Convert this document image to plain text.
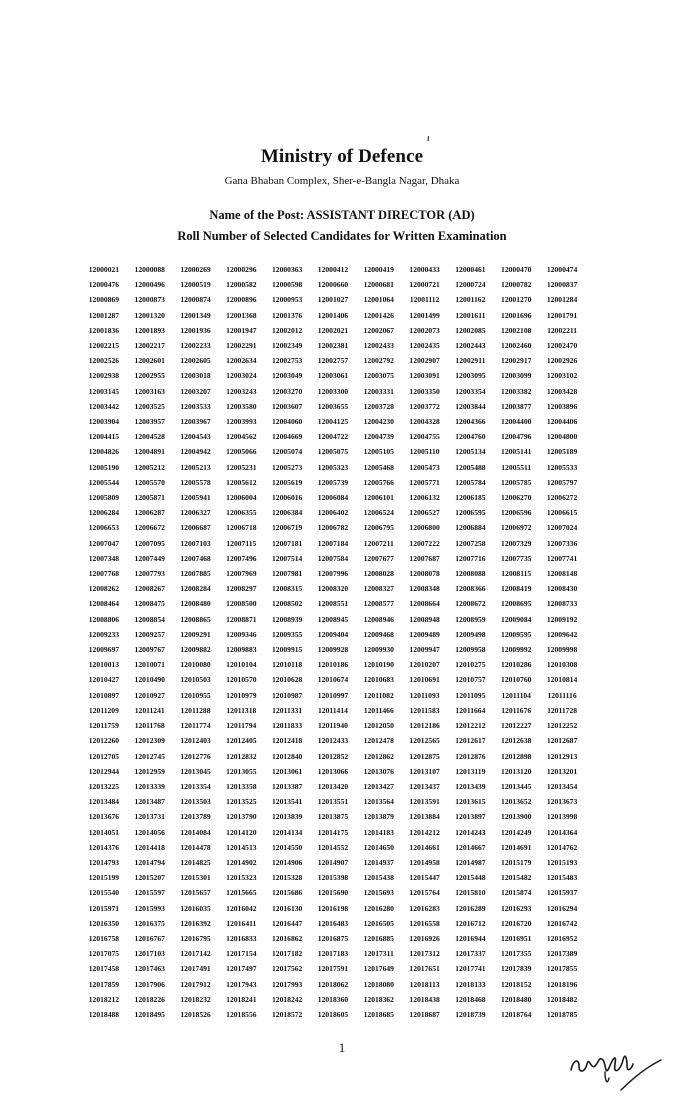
Ministry of Defence
Gana Bhaban Complex, Sher-e-Bangla Nagar, Dhaka
Name of the Post: ASSISTANT DIRECTOR (AD)
Roll Number of Selected Candidates for Written Examination
12000021	12000088	12000269	12000296	12000363	12000412	12000419	12000433	12000461	12000470	12000474
12000476	12000496	12000519	12000582	12000598	12000660	12000681	12000721	12000724	12000782	12000837
12000869	12000873	12000874	12000896	12000953	12001027	12001064	12001112	12001162	12001270	12001284
12001287	12001320	12001349	12001368	12001376	12001406	12001426	12001499	12001611	12001696	12001791
12001836	12001893	12001936	12001947	12002012	12002021	12002067	12002073	12002085	12002108	12002211
12002215	12002217	12002233	12002291	12002349	12002381	12002433	12002435	12002443	12002460	12002470
12002526	12002601	12002605	12002634	12002753	12002757	12002792	12002907	12002911	12002917	12002926
12002938	12002955	12003018	12003024	12003049	12003061	12003075	12003091	12003095	12003099	12003102
12003145	12003163	12003207	12003243	12003270	12003300	12003331	12003350	12003354	12003382	12003428
12003442	12003525	12003533	12003580	12003607	12003655	12003728	12003772	12003844	12003877	12003896
12003904	12003957	12003967	12003993	12004060	12004125	12004230	12004328	12004366	12004400	12004406
12004415	12004528	12004543	12004562	12004669	12004722	12004739	12004755	12004760	12004796	12004800
12004826	12004891	12004942	12005066	12005074	12005075	12005105	12005110	12005134	12005141	12005189
12005190	12005212	12005213	12005231	12005273	12005323	12005468	12005473	12005488	12005511	12005533
12005544	12005570	12005578	12005612	12005619	12005739	12005766	12005771	12005784	12005785	12005797
12005809	12005871	12005941	12006004	12006016	12006084	12006101	12006132	12006185	12006270	12006272
12006284	12006287	12006327	12006355	12006384	12006402	12006524	12006527	12006595	12006596	12006615
12006653	12006672	12006687	12006718	12006719	12006782	12006795	12006800	12006884	12006972	12007024
12007047	12007095	12007103	12007115	12007181	12007184	12007211	12007222	12007258	12007329	12007336
12007348	12007449	12007468	12007496	12007514	12007584	12007677	12007687	12007716	12007735	12007741
12007768	12007793	12007885	12007969	12007981	12007996	12008028	12008078	12008088	12008115	12008148
12008262	12008267	12008284	12008297	12008315	12008320	12008327	12008348	12008366	12008419	12008430
12008464	12008475	12008480	12008500	12008502	12008551	12008577	12008664	12008672	12008695	12008733
12008806	12008854	12008865	12008871	12008939	12008945	12008946	12008948	12008959	12009084	12009192
12009233	12009257	12009291	12009346	12009355	12009404	12009468	12009489	12009498	12009595	12009642
12009697	12009767	12009882	12009883	12009915	12009928	12009930	12009947	12009958	12009992	12009998
12010013	12010071	12010080	12010104	12010118	12010186	12010190	12010207	12010275	12010286	12010308
12010427	12010490	12010503	12010570	12010628	12010674	12010683	12010691	12010757	12010760	12010814
12010897	12010927	12010955	12010979	12010987	12010997	12011082	12011093	12011095	12011104	12011116
12011209	12011241	12011288	12011318	12011331	12011414	12011466	12011583	12011664	12011676	12011728
12011759	12011768	12011774	12011794	12011833	12011940	12012050	12012186	12012212	12012227	12012252
12012260	12012309	12012403	12012405	12012418	12012433	12012478	12012565	12012617	12012638	12012687
12012705	12012745	12012776	12012832	12012840	12012852	12012862	12012875	12012876	12012898	12012913
12012944	12012959	12013045	12013055	12013061	12013066	12013076	12013107	12013119	12013120	12013201
12013225	12013339	12013354	12013358	12013387	12013420	12013427	12013437	12013439	12013445	12013454
12013484	12013487	12013503	12013525	12013541	12013551	12013564	12013591	12013615	12013652	12013673
12013676	12013731	12013789	12013790	12013839	12013875	12013879	12013884	12013897	12013900	12013998
12014051	12014056	12014084	12014120	12014134	12014175	12014183	12014212	12014243	12014249	12014364
12014376	12014418	12014478	12014513	12014550	12014552	12014650	12014661	12014667	12014691	12014762
12014793	12014794	12014825	12014902	12014906	12014907	12014937	12014958	12014987	12015179	12015193
12015199	12015207	12015301	12015323	12015328	12015398	12015438	12015447	12015448	12015482	12015483
12015540	12015597	12015657	12015665	12015686	12015690	12015693	12015764	12015810	12015874	12015937
12015971	12015993	12016035	12016042	12016130	12016198	12016280	12016283	12016289	12016293	12016294
12016350	12016375	12016392	12016411	12016447	12016483	12016505	12016558	12016712	12016720	12016742
12016758	12016767	12016795	12016833	12016862	12016875	12016885	12016926	12016944	12016951	12016952
12017075	12017103	12017142	12017154	12017182	12017183	12017311	12017312	12017337	12017355	12017389
12017458	12017463	12017491	12017497	12017562	12017591	12017649	12017651	12017741	12017839	12017855
12017859	12017906	12017912	12017943	12017993	12018062	12018080	12018113	12018133	12018152	12018196
12018212	12018226	12018232	12018241	12018242	12018360	12018362	12018438	12018468	12018480	12018482
12018488	12018495	12018526	12018556	12018572	12018605	12018685	12018687	12018739	12018764	12018785
1
